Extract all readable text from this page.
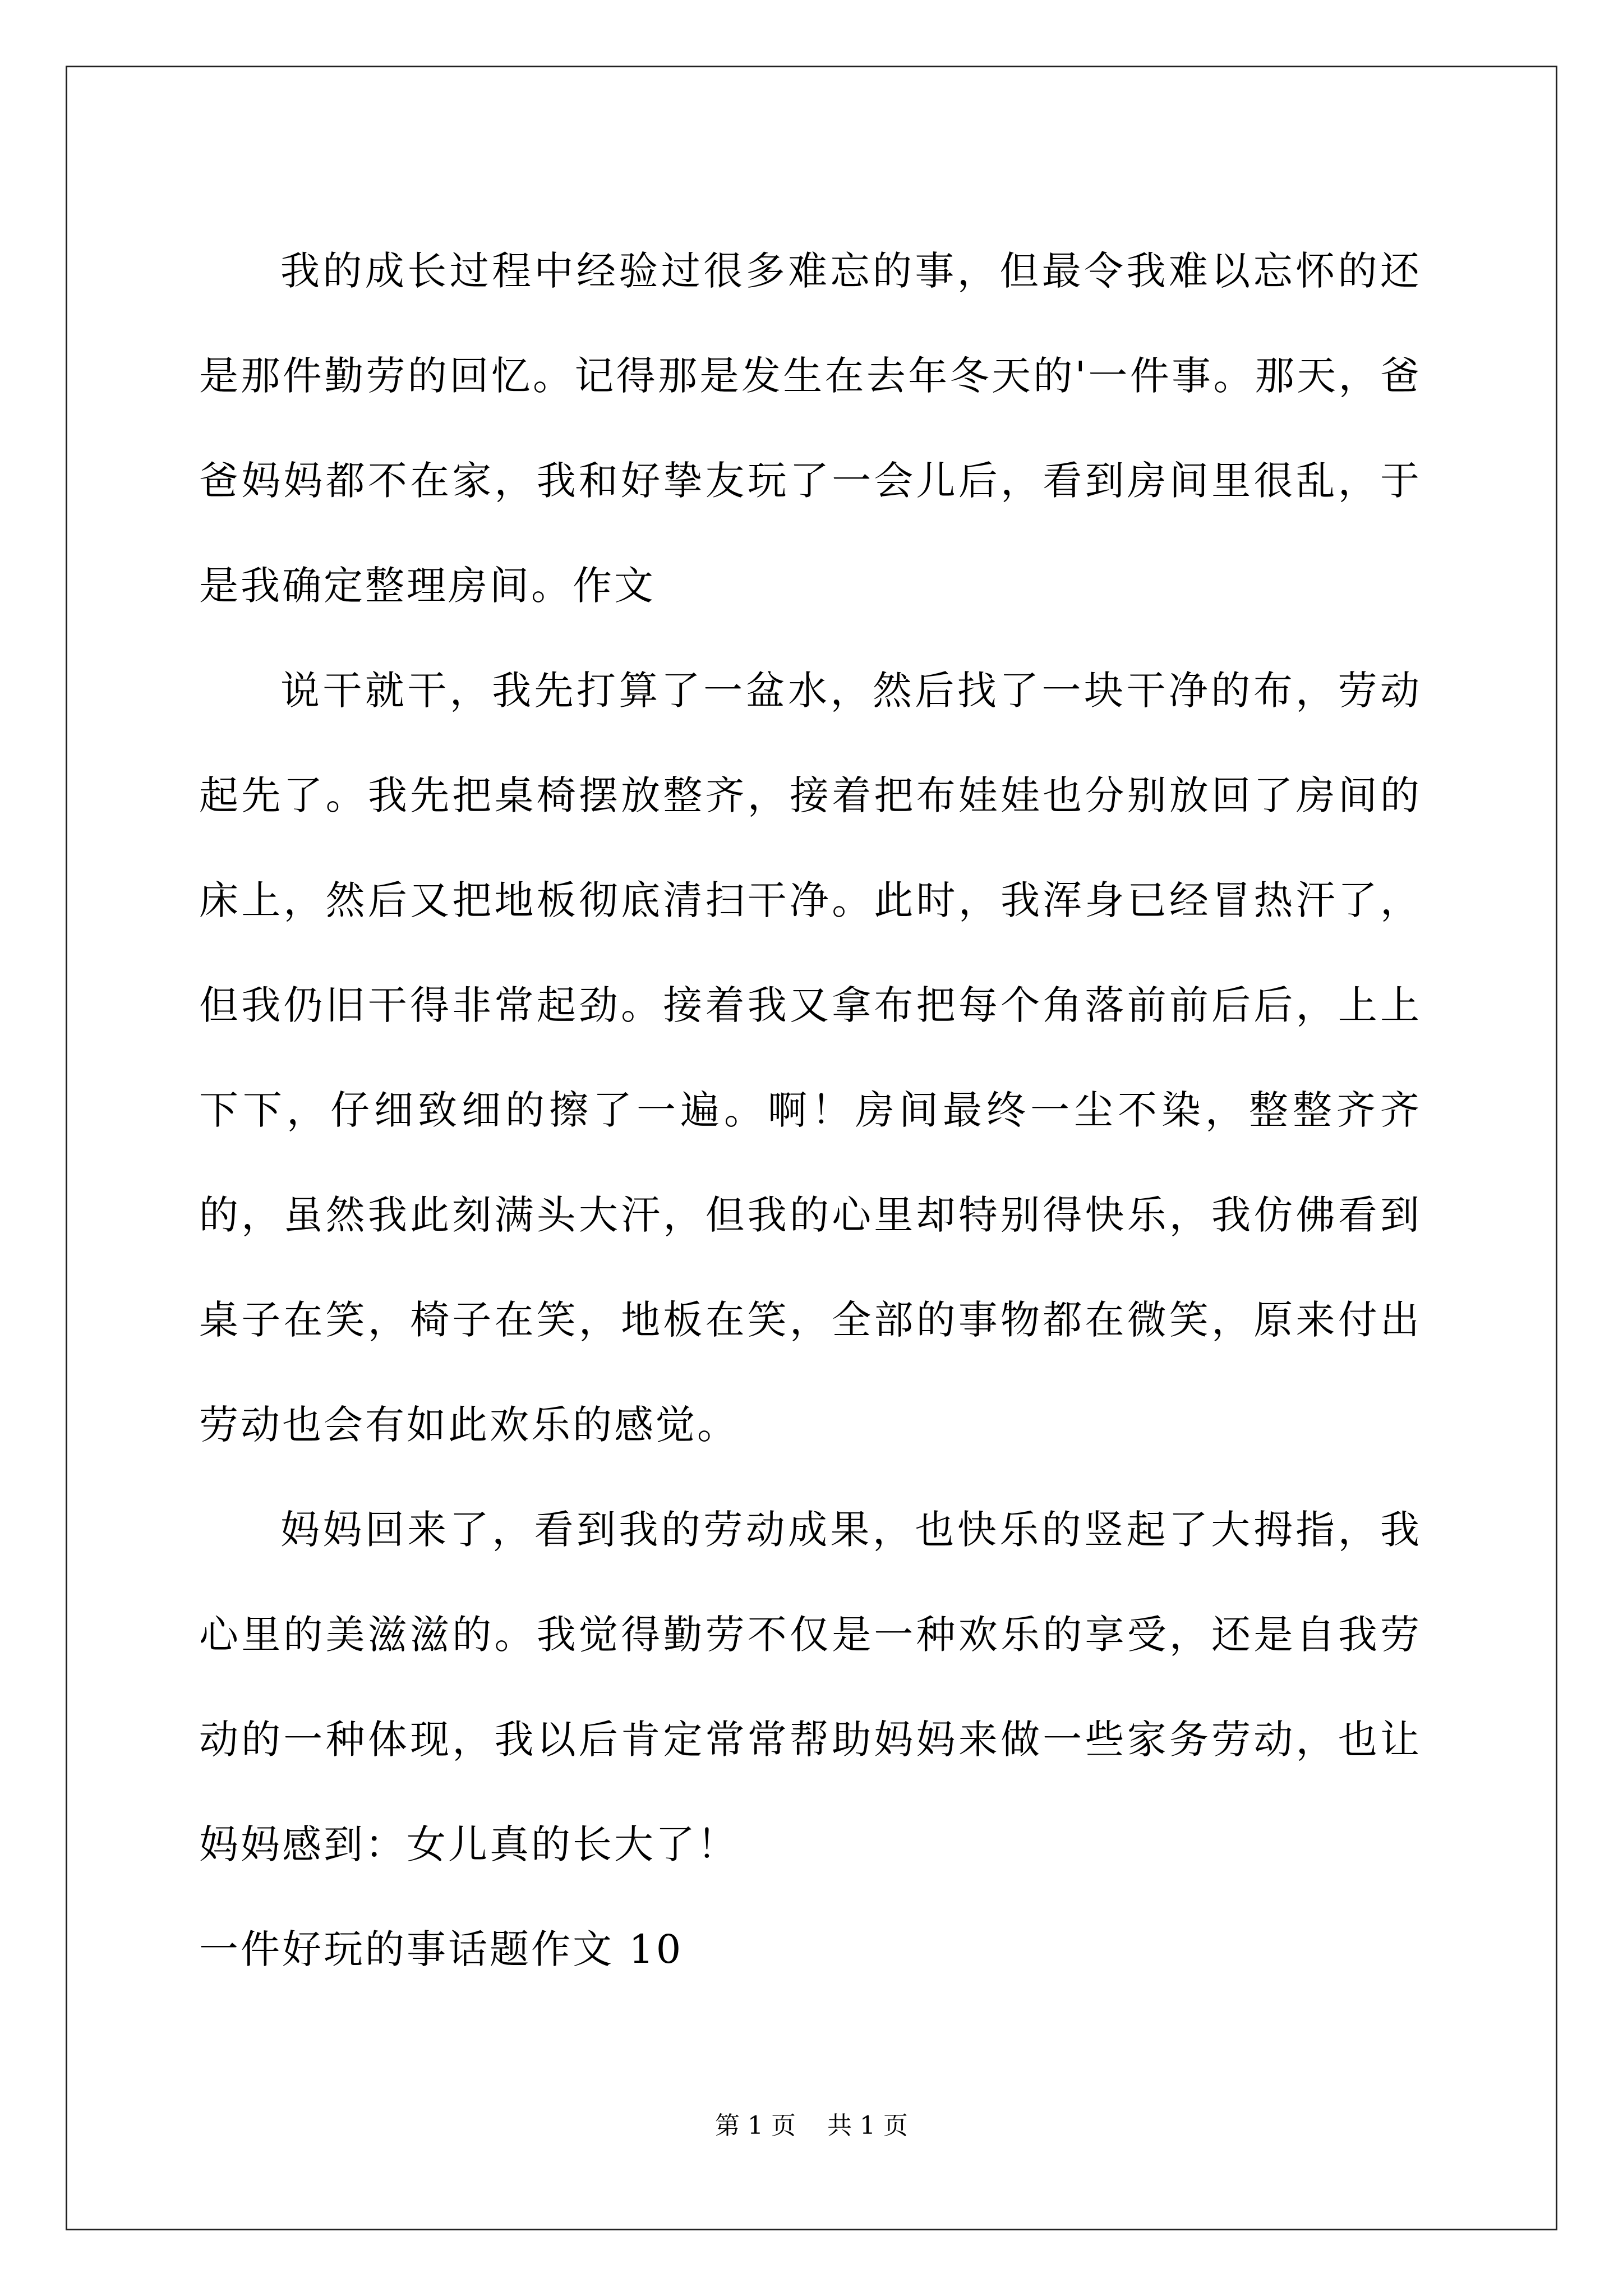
我的成长过程中经验过很多难忘的事，但最令我难以忘怀的还是那件勤劳的回忆。记得那是发生在去年冬天的'一件事。那天，爸爸妈妈都不在家，我和好挚友玩了一会儿后，看到房间里很乱，于是我确定整理房间。作文

说干就干，我先打算了一盆水，然后找了一块干净的布，劳动起先了。我先把桌椅摆放整齐，接着把布娃娃也分别放回了房间的床上，然后又把地板彻底清扫干净。此时，我浑身已经冒热汗了，但我仍旧干得非常起劲。接着我又拿布把每个角落前前后后，上上下下，仔细致细的擦了一遍。啊！房间最终一尘不染，整整齐齐的，虽然我此刻满头大汗，但我的心里却特别得快乐，我仿佛看到桌子在笑，椅子在笑，地板在笑，全部的事物都在微笑，原来付出劳动也会有如此欢乐的感觉。

妈妈回来了，看到我的劳动成果，也快乐的竖起了大拇指，我心里的美滋滋的。我觉得勤劳不仅是一种欢乐的享受，还是自我劳动的一种体现，我以后肯定常常帮助妈妈来做一些家务劳动，也让妈妈感到：女儿真的长大了！

一件好玩的事话题作文 10

第 1 页    共 1 页
